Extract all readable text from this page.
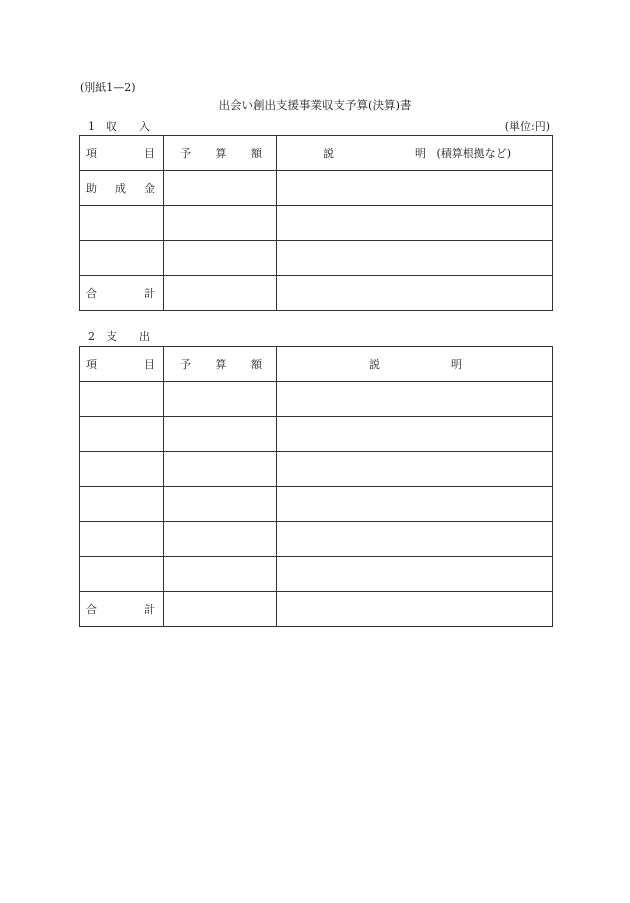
(別紙1—2)
出会い創出支援事業収支予算(決算)書
1　収　　入	(単位:円)
項 目	予 算 額	説 明 (積算根拠など)

助 成 金		

合 計		

2　支　　出
項 目	予 算 額	説 明

合 計		
